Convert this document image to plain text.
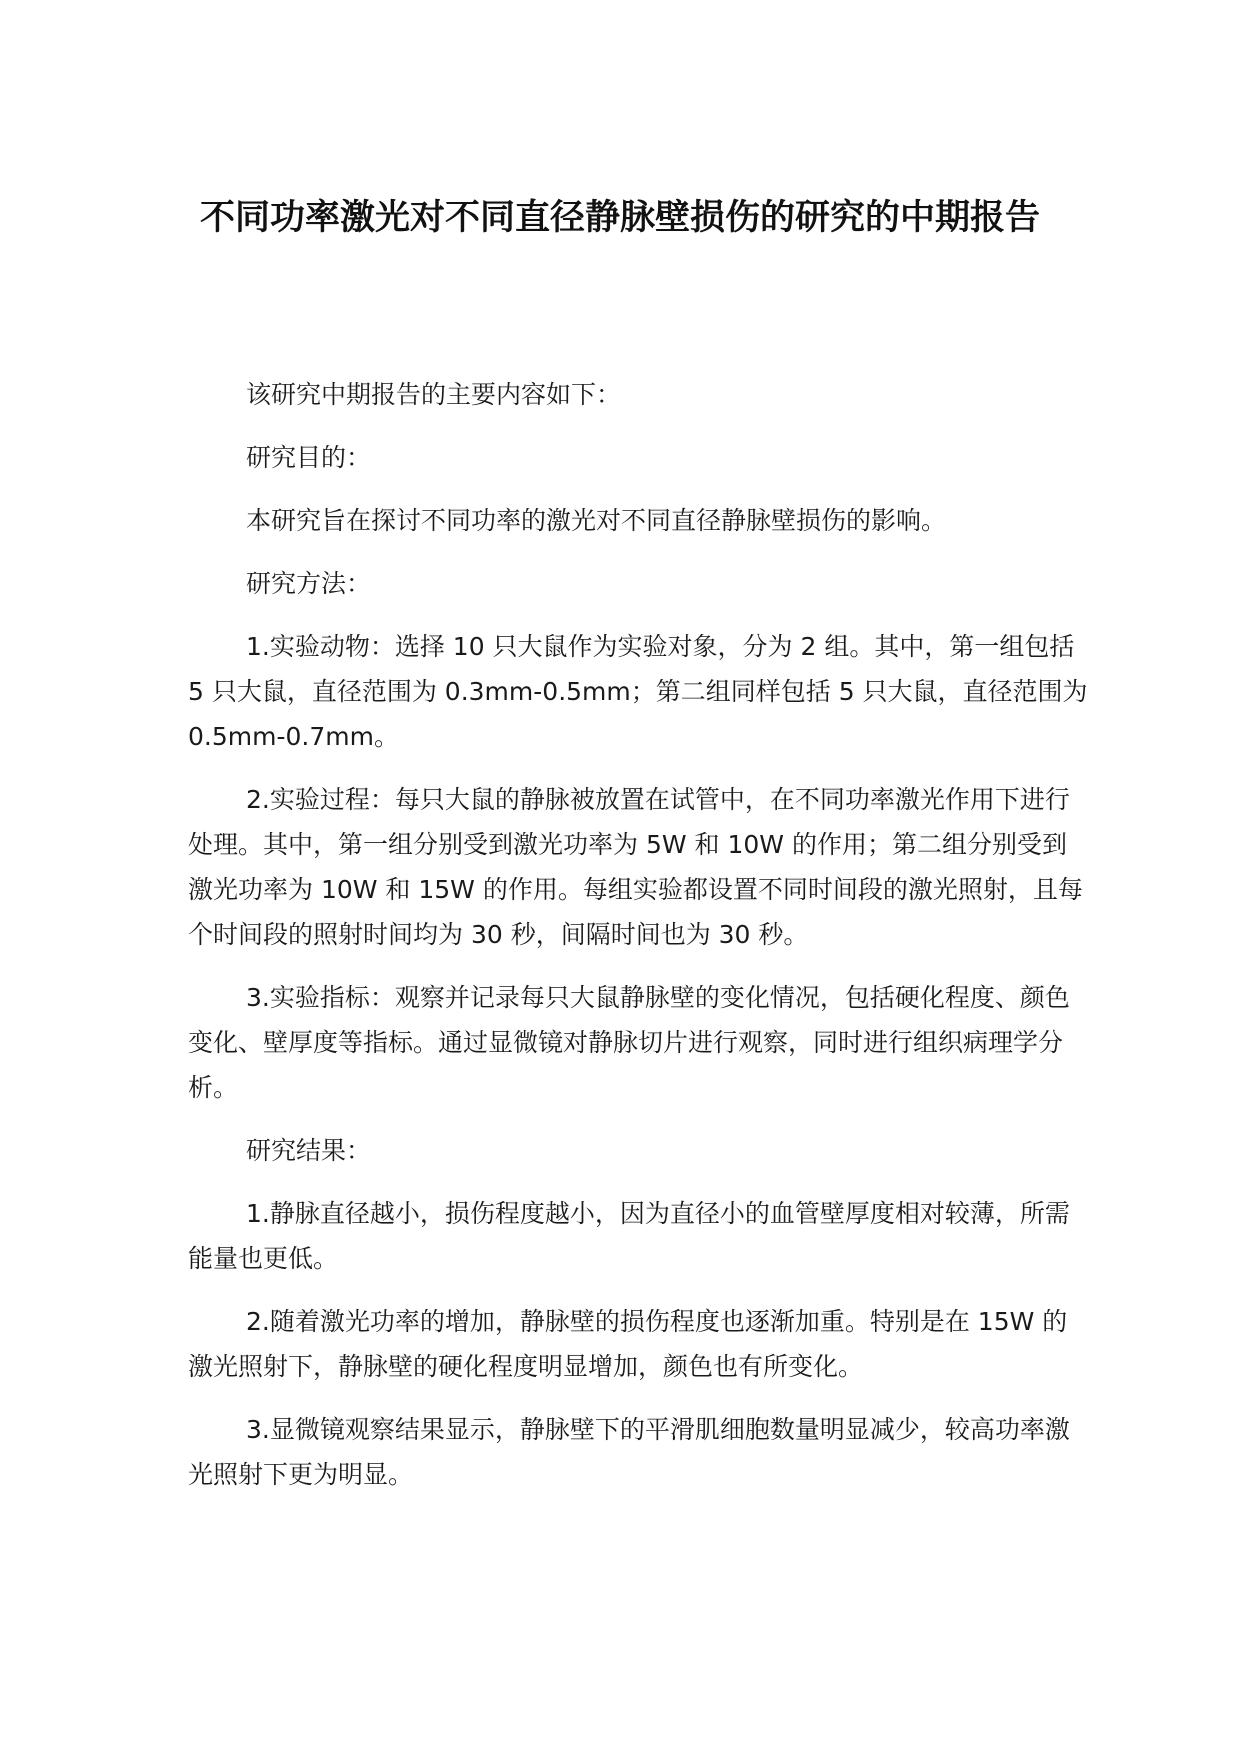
不同功率激光对不同直径静脉壁损伤的研究的中期报告

该研究中期报告的主要内容如下：

研究目的：

本研究旨在探讨不同功率的激光对不同直径静脉壁损伤的影响。

研究方法：

1.实验动物：选择 10 只大鼠作为实验对象，分为 2 组。其中，第一组包括 5 只大鼠，直径范围为 0.3mm-0.5mm；第二组同样包括 5 只大鼠，直径范围为 0.5mm-0.7mm。

2.实验过程：每只大鼠的静脉被放置在试管中，在不同功率激光作用下进行处理。其中，第一组分别受到激光功率为 5W 和 10W 的作用；第二组分别受到激光功率为 10W 和 15W 的作用。每组实验都设置不同时间段的激光照射，且每个时间段的照射时间均为 30 秒，间隔时间也为 30 秒。

3.实验指标：观察并记录每只大鼠静脉壁的变化情况，包括硬化程度、颜色变化、壁厚度等指标。通过显微镜对静脉切片进行观察，同时进行组织病理学分析。

研究结果：

1.静脉直径越小，损伤程度越小，因为直径小的血管壁厚度相对较薄，所需能量也更低。

2.随着激光功率的增加，静脉壁的损伤程度也逐渐加重。特别是在 15W 的激光照射下，静脉壁的硬化程度明显增加，颜色也有所变化。

3.显微镜观察结果显示，静脉壁下的平滑肌细胞数量明显减少，较高功率激光照射下更为明显。
